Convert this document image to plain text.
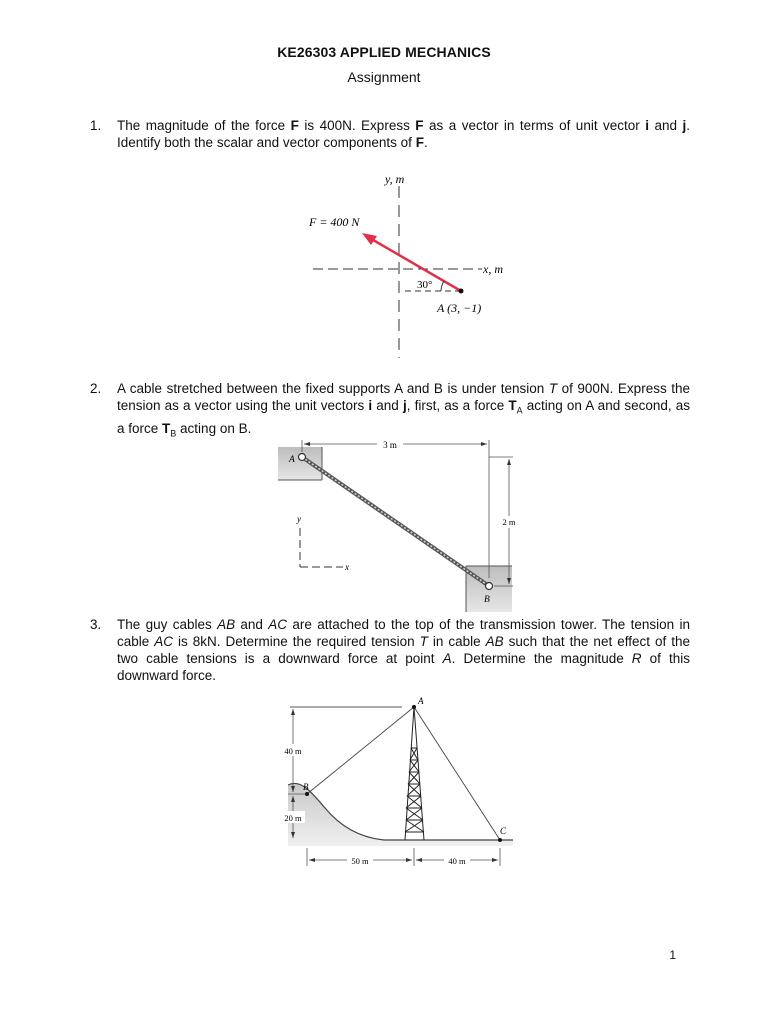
KE26303 APPLIED MECHANICS
Assignment
1. The magnitude of the force F is 400N. Express F as a vector in terms of unit vector i and j. Identify both the scalar and vector components of F.
y, m
x, m
F = 400 N
30°
A (3, −1)
2. A cable stretched between the fixed supports A and B is under tension T of 900N. Express the tension as a vector using the unit vectors i and j, first, as a force $T_A$ acting on A and second, as a force $T_B$ acting on B.
3 m
2 m
A
B
y
x
3. The guy cables AB and AC are attached to the top of the transmission tower. The tension in cable AC is 8kN. Determine the required tension T in cable AB such that the net effect of the two cable tensions is a downward force at point A. Determine the magnitude R of this downward force.
A
B
C
40 m
20 m
50 m	40 m
1
